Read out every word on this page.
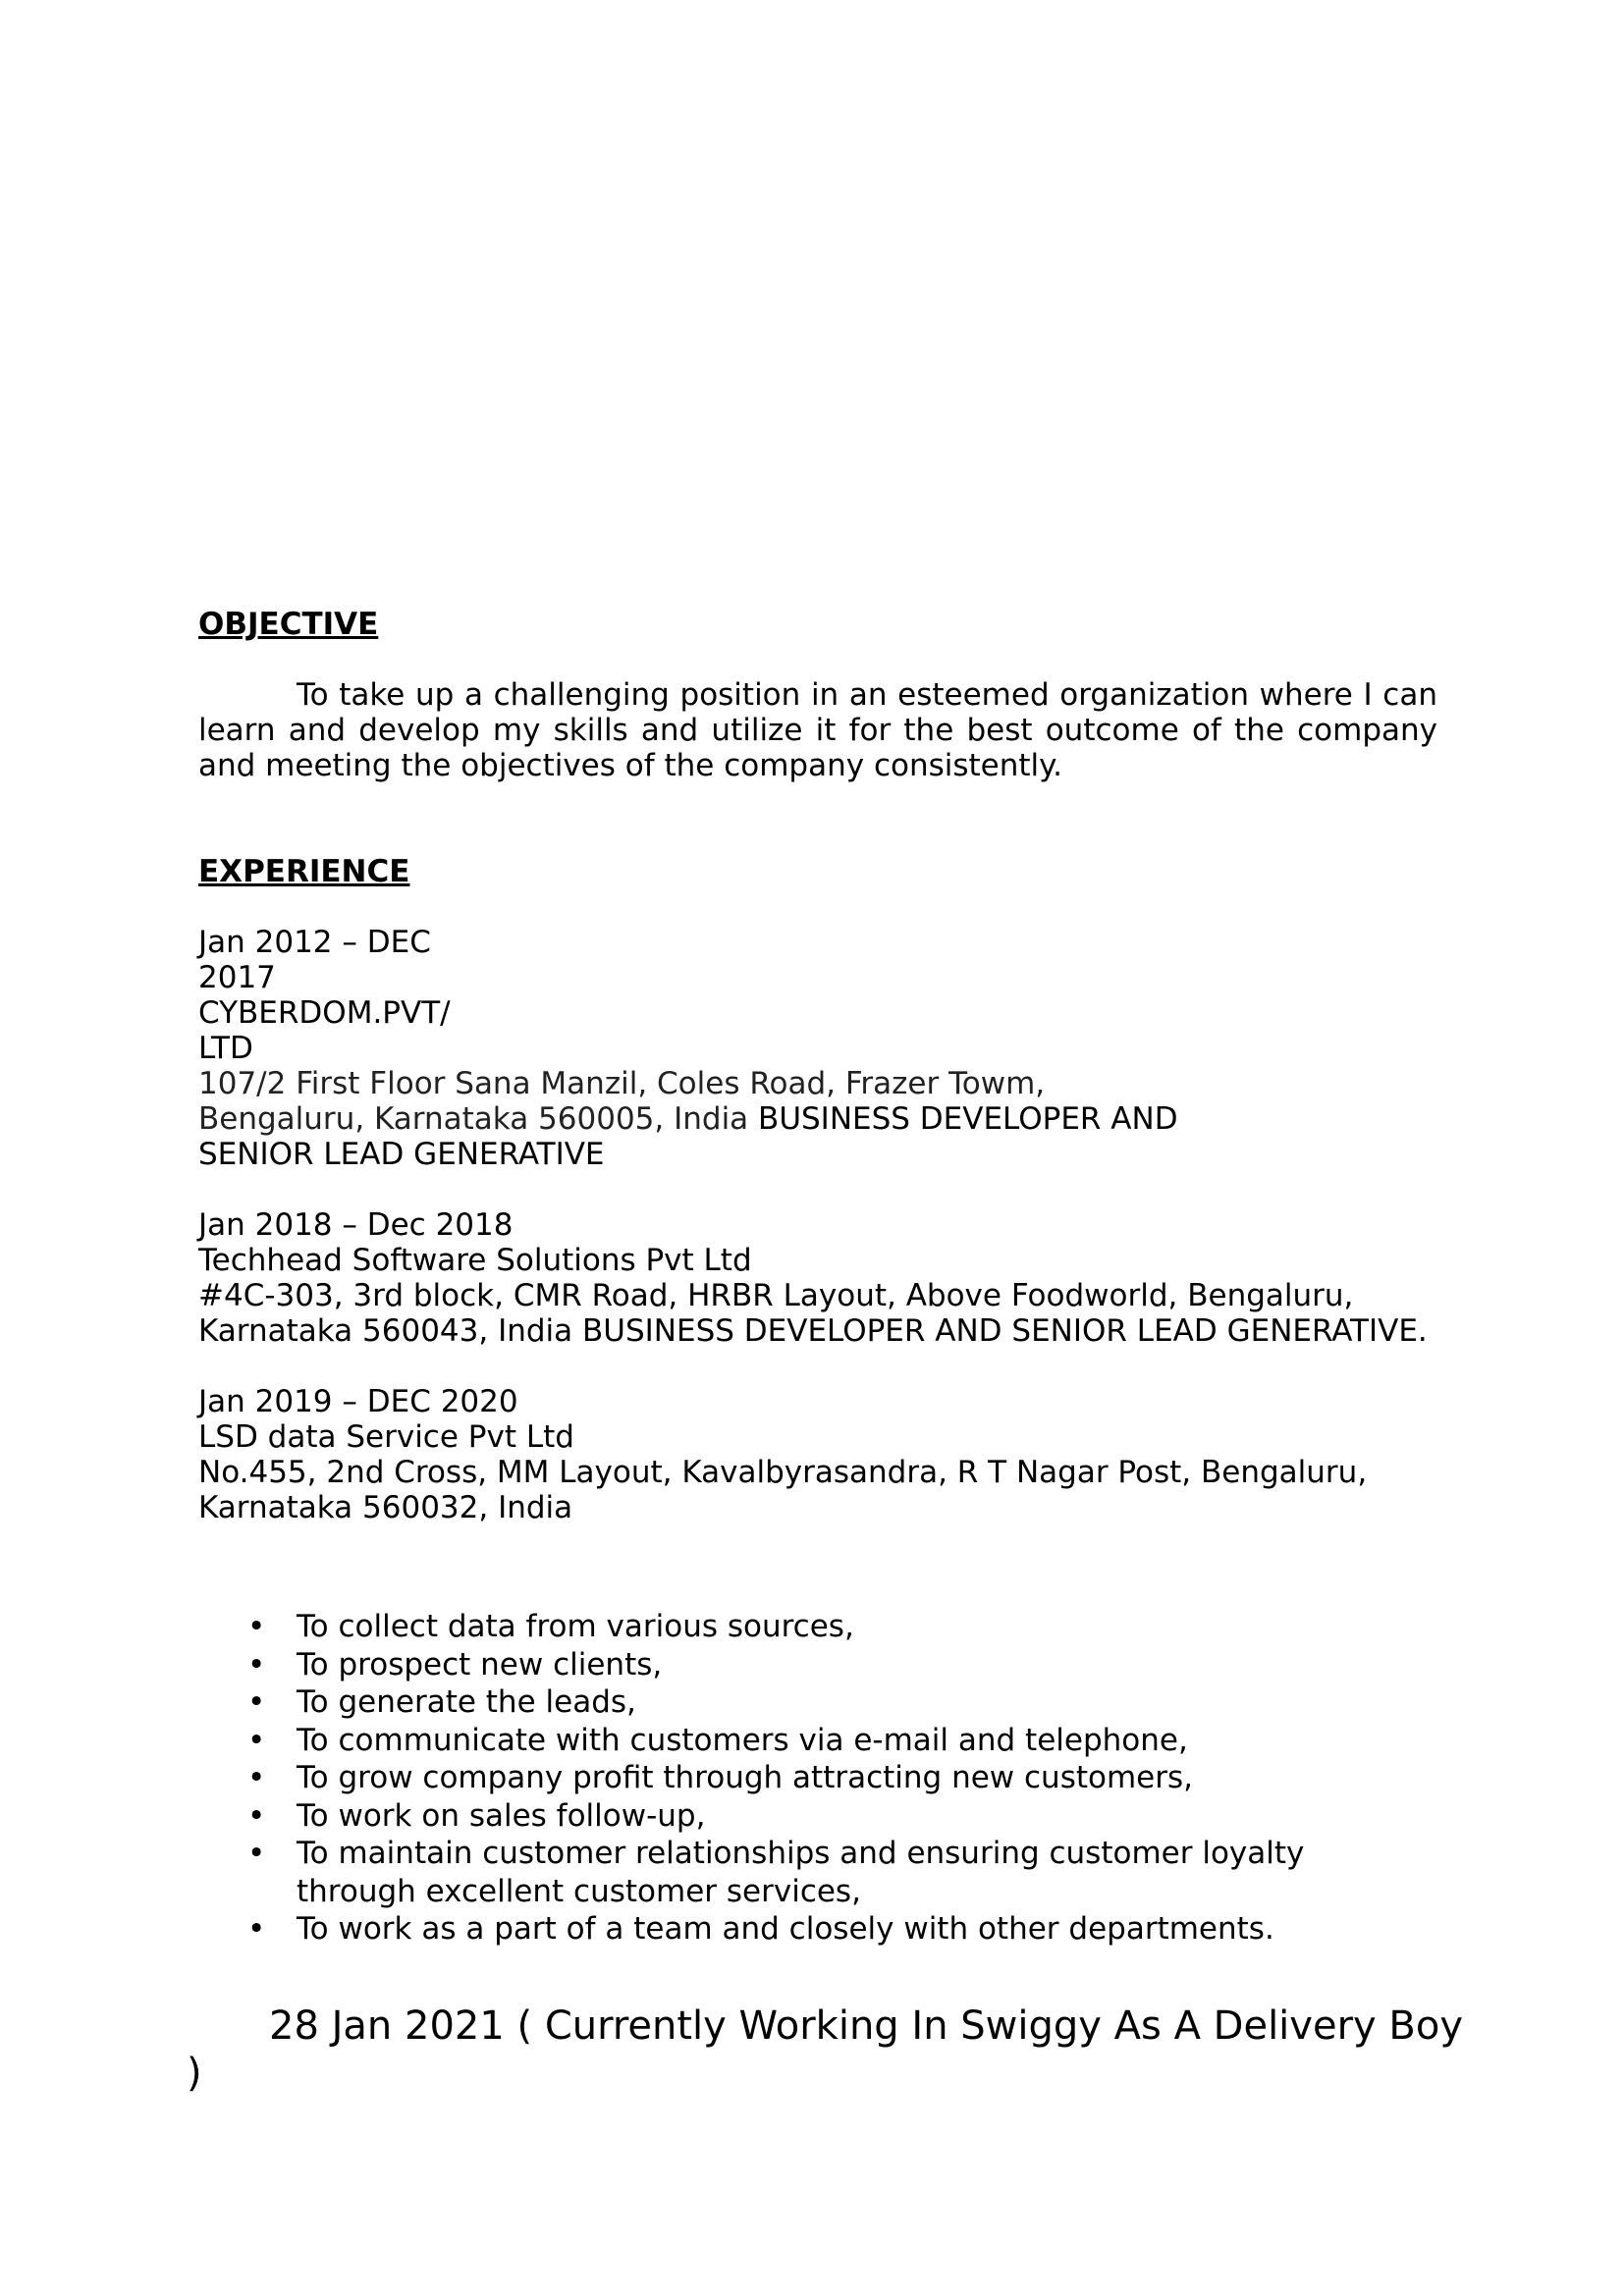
OBJECTIVE

To take up a challenging position in an esteemed organization where I can learn and develop my skills and utilize it for the best outcome of the company and meeting the objectives of the company consistently.

EXPERIENCE
Jan 2012 – DEC
2017
CYBERDOM.PVT/
LTD
107/2 First Floor Sana Manzil, Coles Road, Frazer Towm, Bengaluru, Karnataka 560005, India BUSINESS DEVELOPER AND SENIOR LEAD GENERATIVE
Jan 2018 – Dec 2018
Techhead Software Solutions Pvt Ltd
#4C-303, 3rd block, CMR Road, HRBR Layout, Above Foodworld, Bengaluru, Karnataka 560043, India BUSINESS DEVELOPER AND SENIOR LEAD GENERATIVE.
Jan 2019 – DEC 2020
LSD data Service Pvt Ltd
No.455, 2nd Cross, MM Layout, Kavalbyrasandra, R T Nagar Post, Bengaluru, Karnataka 560032, India
• To collect data from various sources,
• To prospect new clients,
• To generate the leads,
• To communicate with customers via e-mail and telephone,
• To grow company profit through attracting new customers,
• To work on sales follow-up,
• To maintain customer relationships and ensuring customer loyalty through excellent customer services,
• To work as a part of a team and closely with other departments.
28 Jan 2021 ( Currently Working In Swiggy As A Delivery Boy
)
